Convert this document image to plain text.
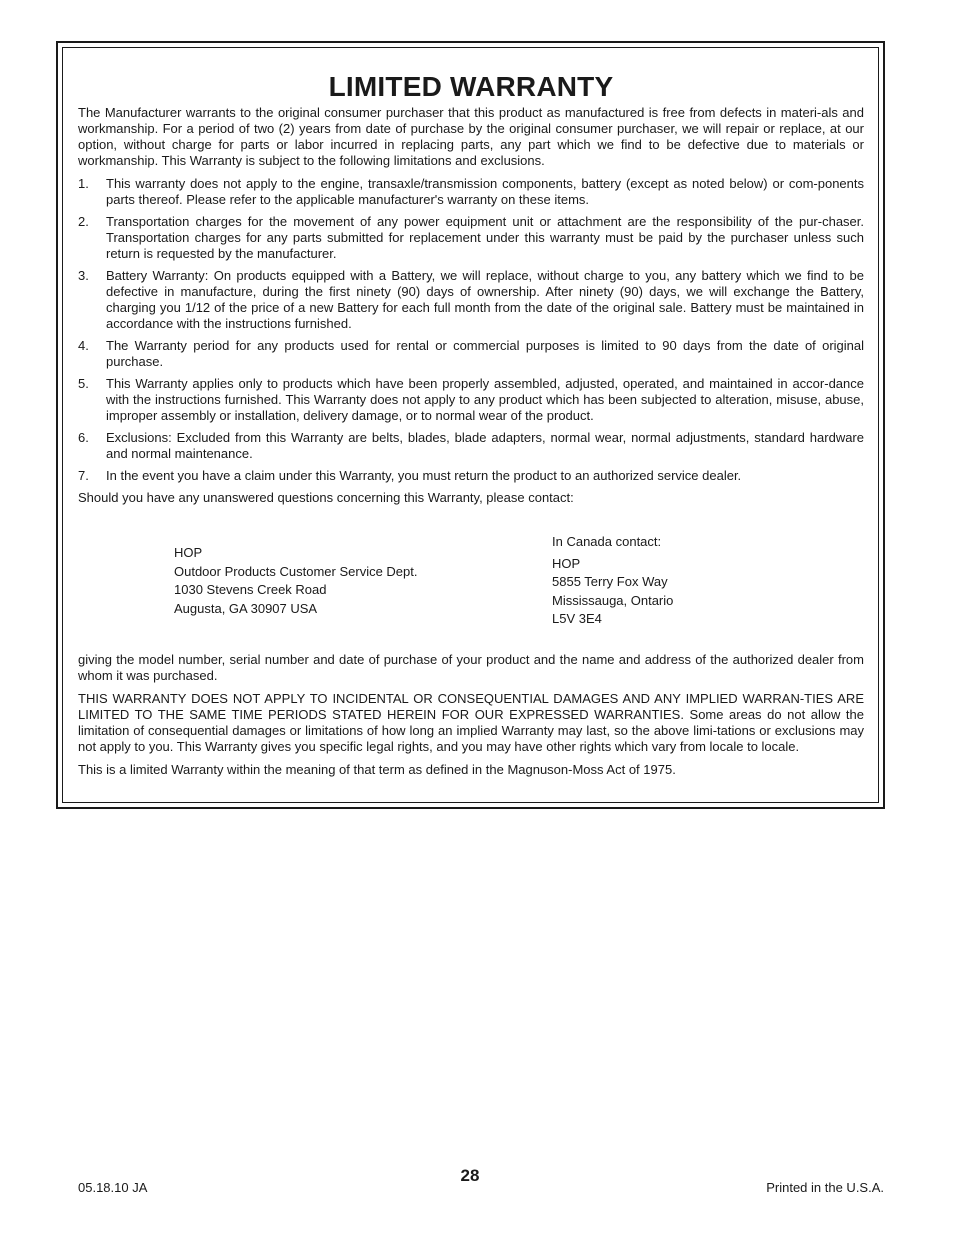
LIMITED WARRANTY

The Manufacturer warrants to the original consumer purchaser that this product as manufactured is free from defects in materi-als and workmanship. For a period of two (2) years from date of purchase by the original consumer purchaser, we will repair or replace, at our option, without charge for parts or labor incurred in replacing parts, any part which we find to be defective due to materials or workmanship. This Warranty is subject to the following limitations and exclusions.

1. This warranty does not apply to the engine, transaxle/transmission components, battery (except as noted below) or com-ponents parts thereof. Please refer to the applicable manufacturer's warranty on these items.
2. Transportation charges for the movement of any power equipment unit or attachment are the responsibility of the pur-chaser. Transportation charges for any parts submitted for replacement under this warranty must be paid by the purchaser unless such return is requested by the manufacturer.
3. Battery Warranty: On products equipped with a Battery, we will replace, without charge to you, any battery which we find to be defective in manufacture, during the first ninety (90) days of ownership. After ninety (90) days, we will exchange the Battery, charging you 1/12 of the price of a new Battery for each full month from the date of the original sale. Battery must be maintained in accordance with the instructions furnished.
4. The Warranty period for any products used for rental or commercial purposes is limited to 90 days from the date of original purchase.
5. This Warranty applies only to products which have been properly assembled, adjusted, operated, and maintained in accor-dance with the instructions furnished. This Warranty does not apply to any product which has been subjected to alteration, misuse, abuse, improper assembly or installation, delivery damage, or to normal wear of the product.
6. Exclusions: Excluded from this Warranty are belts, blades, blade adapters, normal wear, normal adjustments, standard hardware and normal maintenance.
7. In the event you have a claim under this Warranty, you must return the product to an authorized service dealer.

Should you have any unanswered questions concerning this Warranty, please contact:

HOP
Outdoor Products Customer Service Dept.
1030 Stevens Creek Road
Augusta, GA 30907 USA
In Canada contact:
HOP
5855 Terry Fox Way
Mississauga, Ontario
L5V 3E4

giving the model number, serial number and date of purchase of your product and the name and address of the authorized dealer from whom it was purchased.

THIS WARRANTY DOES NOT APPLY TO INCIDENTAL OR CONSEQUENTIAL DAMAGES AND ANY IMPLIED WARRAN-TIES ARE LIMITED TO THE SAME TIME PERIODS STATED HEREIN FOR OUR EXPRESSED WARRANTIES. Some areas do not allow the limitation of consequential damages or limitations of how long an implied Warranty may last, so the above limi-tations or exclusions may not apply to you. This Warranty gives you specific legal rights, and you may have other rights which vary from locale to locale.

This is a limited Warranty within the meaning of that term as defined in the Magnuson-Moss Act of 1975.

28
05.18.10 JA	Printed in the U.S.A.
